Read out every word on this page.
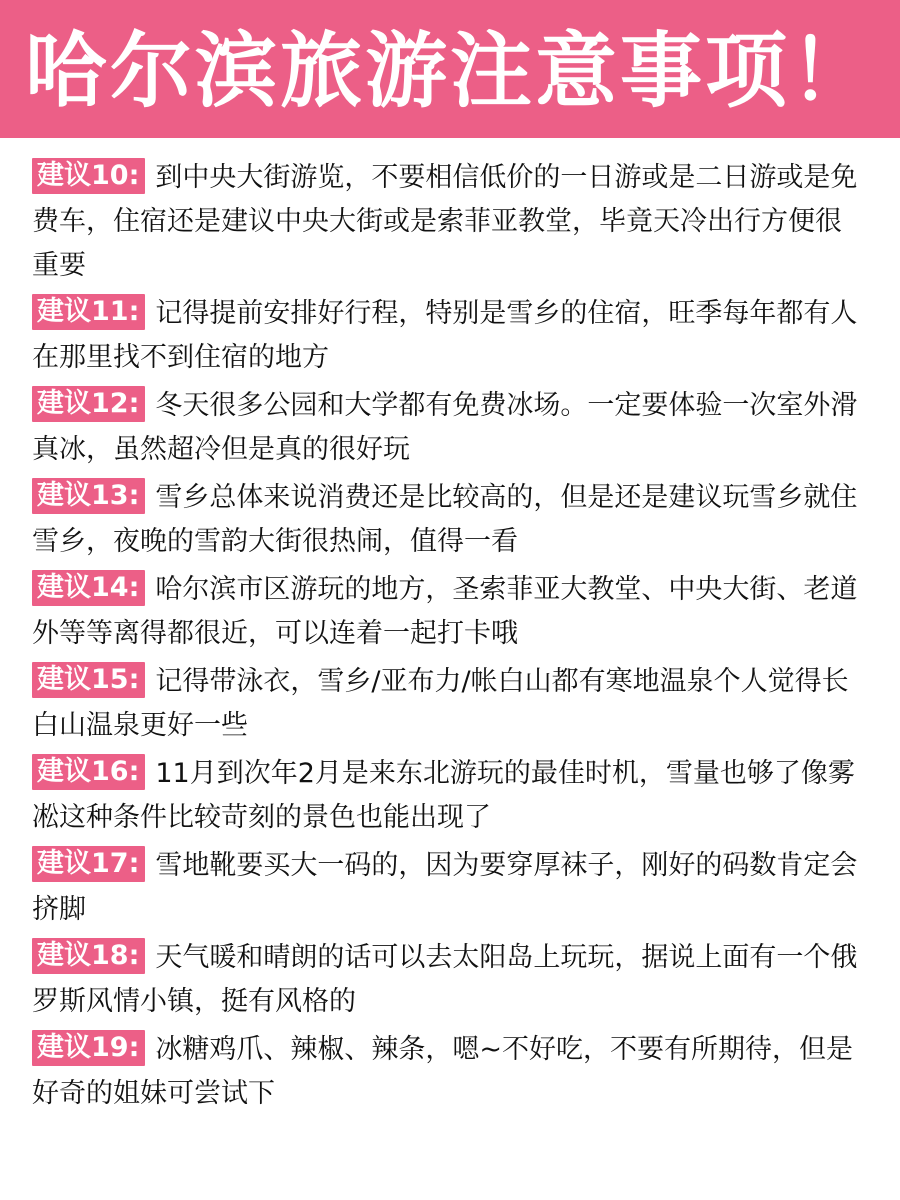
哈尔滨旅游注意事项！

建议10: 到中央大街游览，不要相信低价的一日游或是二日游或是免费车，住宿还是建议中央大街或是索菲亚教堂，毕竟天冷出行方便很重要

建议11: 记得提前安排好行程，特别是雪乡的住宿，旺季每年都有人在那里找不到住宿的地方

建议12: 冬天很多公园和大学都有免费冰场。一定要体验一次室外滑真冰，虽然超冷但是真的很好玩

建议13: 雪乡总体来说消费还是比较高的，但是还是建议玩雪乡就住雪乡，夜晚的雪韵大街很热闹，值得一看

建议14: 哈尔滨市区游玩的地方，圣索菲亚大教堂、中央大街、老道外等等离得都很近，可以连着一起打卡哦

建议15: 记得带泳衣，雪乡/亚布力/帐白山都有寒地温泉个人觉得长白山温泉更好一些

建议16: 11月到次年2月是来东北游玩的最佳时机，雪量也够了像雾凇这种条件比较苛刻的景色也能出现了

建议17: 雪地靴要买大一码的，因为要穿厚袜子，刚好的码数肯定会挤脚

建议18: 天气暖和晴朗的话可以去太阳岛上玩玩，据说上面有一个俄罗斯风情小镇，挺有风格的

建议19: 冰糖鸡爪、辣椒、辣条，嗯~不好吃，不要有所期待，但是好奇的姐妹可尝试下
